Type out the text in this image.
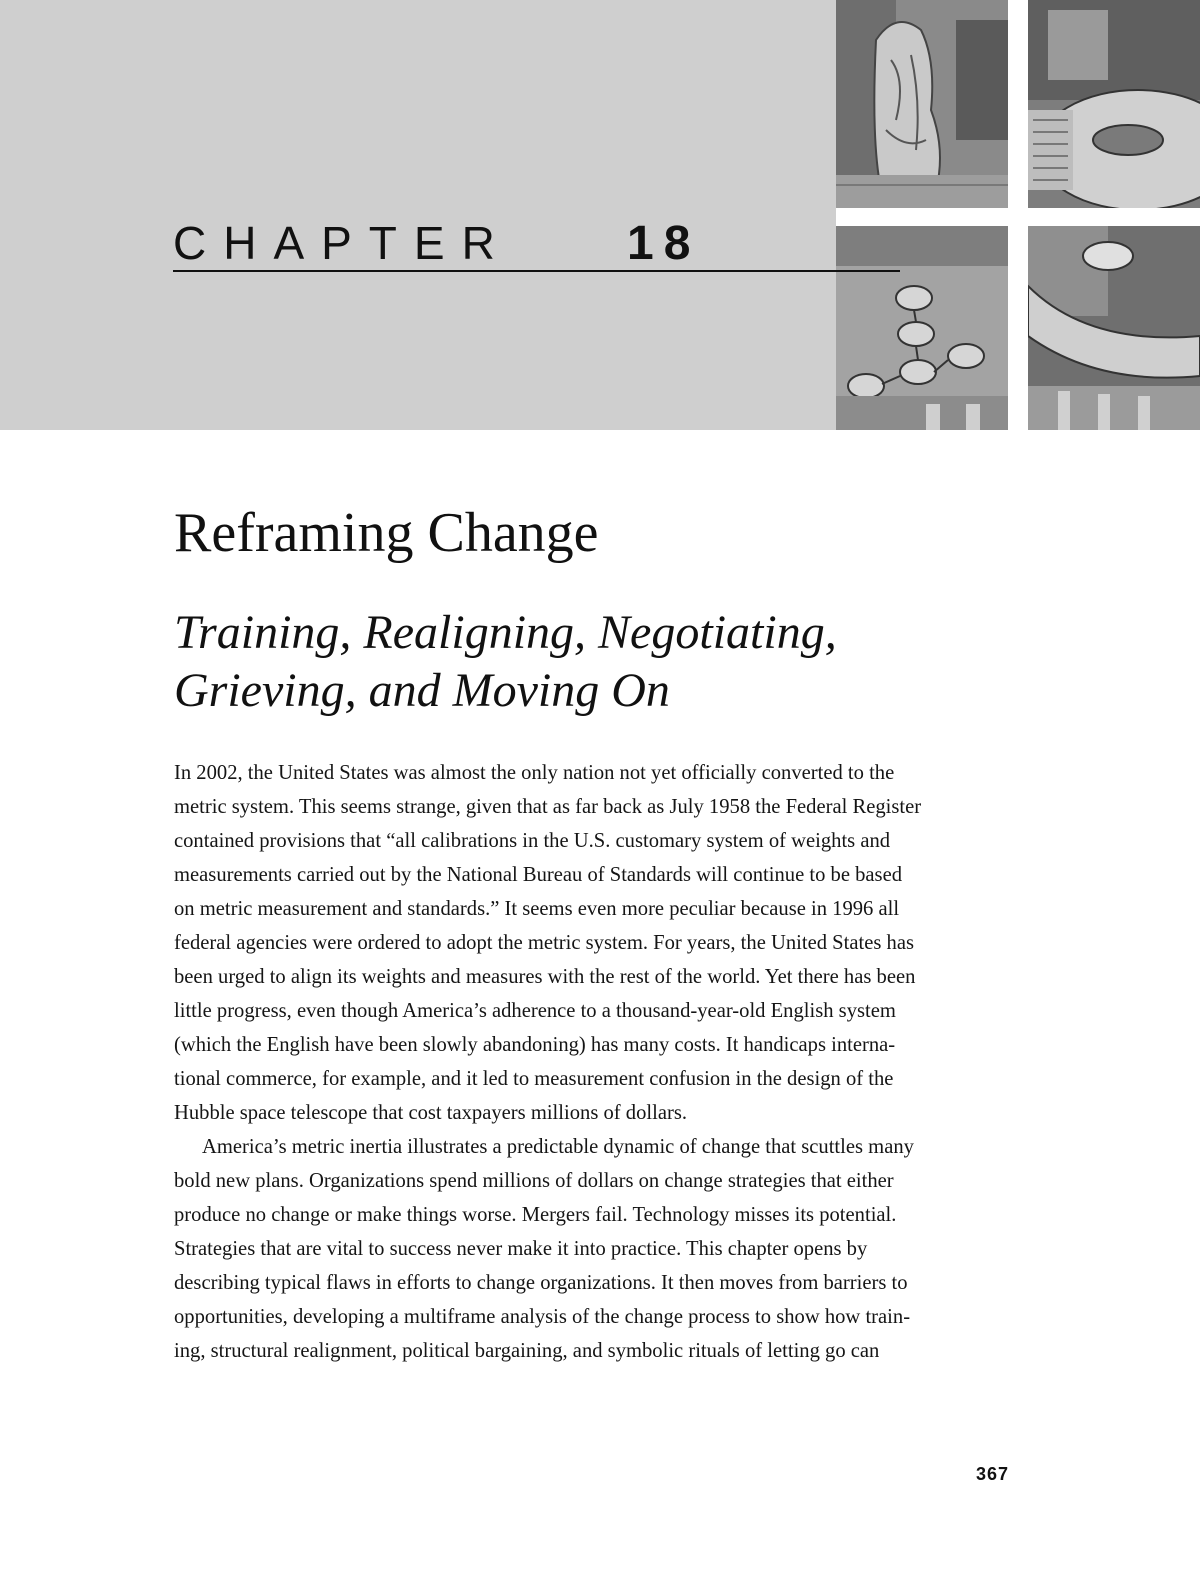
CHAPTER 18
Reframing Change
Training, Realigning, Negotiating,
Grieving, and Moving On
In 2002, the United States was almost the only nation not yet officially converted to the
metric system. This seems strange, given that as far back as July 1958 the Federal Register
contained provisions that “all calibrations in the U.S. customary system of weights and
measurements carried out by the National Bureau of Standards will continue to be based
on metric measurement and standards.” It seems even more peculiar because in 1996 all
federal agencies were ordered to adopt the metric system. For years, the United States has
been urged to align its weights and measures with the rest of the world. Yet there has been
little progress, even though America’s adherence to a thousand-year-old English system
(which the English have been slowly abandoning) has many costs. It handicaps interna-
tional commerce, for example, and it led to measurement confusion in the design of the
Hubble space telescope that cost taxpayers millions of dollars.
America’s metric inertia illustrates a predictable dynamic of change that scuttles many
bold new plans. Organizations spend millions of dollars on change strategies that either
produce no change or make things worse. Mergers fail. Technology misses its potential.
Strategies that are vital to success never make it into practice. This chapter opens by
describing typical flaws in efforts to change organizations. It then moves from barriers to
opportunities, developing a multiframe analysis of the change process to show how train-
ing, structural realignment, political bargaining, and symbolic rituals of letting go can
367
